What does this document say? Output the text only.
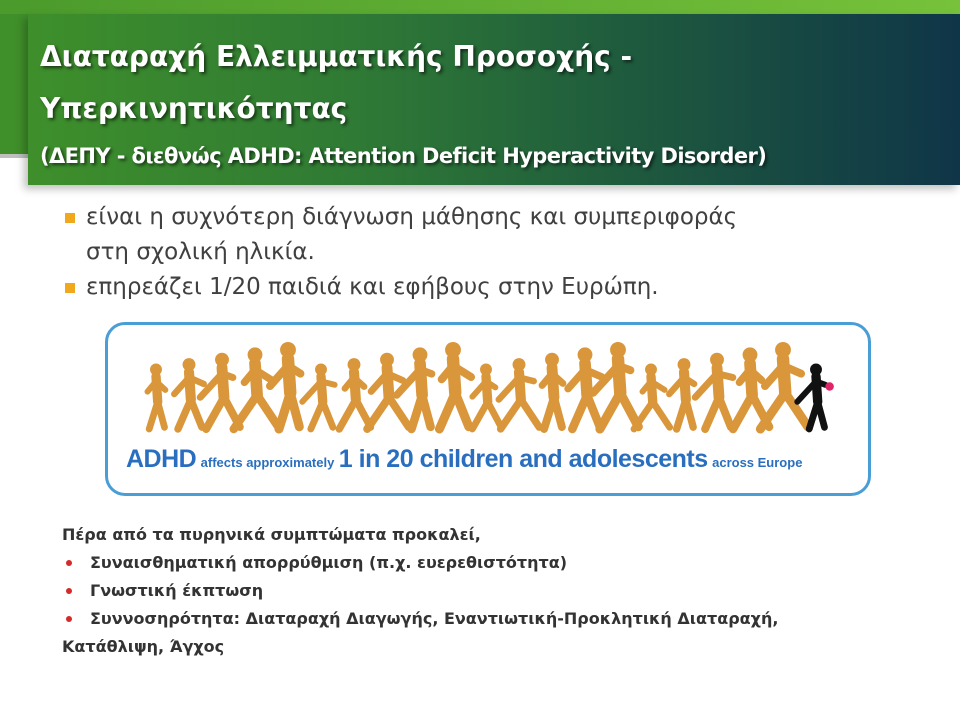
Διαταραχή Ελλειμματικής Προσοχής -
Υπερκινητικότητας
(ΔΕΠΥ - διεθνώς ADHD: Attention Deficit Hyperactivity Disorder)
είναι η συχνότερη διάγνωση μάθησης και συμπεριφοράς
στη σχολική ηλικία.
επηρεάζει 1/20 παιδιά και εφήβους στην Ευρώπη.
ADHD affects approximately 1 in 20 children and adolescents across Europe
Πέρα από τα πυρηνικά συμπτώματα προκαλεί,
Συναισθηματική απορρύθμιση (π.χ. ευερεθιστότητα)
Γνωστική έκπτωση
Συννοσηρότητα: Διαταραχή Διαγωγής, Εναντιωτική-Προκλητική Διαταραχή,
Κατάθλιψη, Άγχος
